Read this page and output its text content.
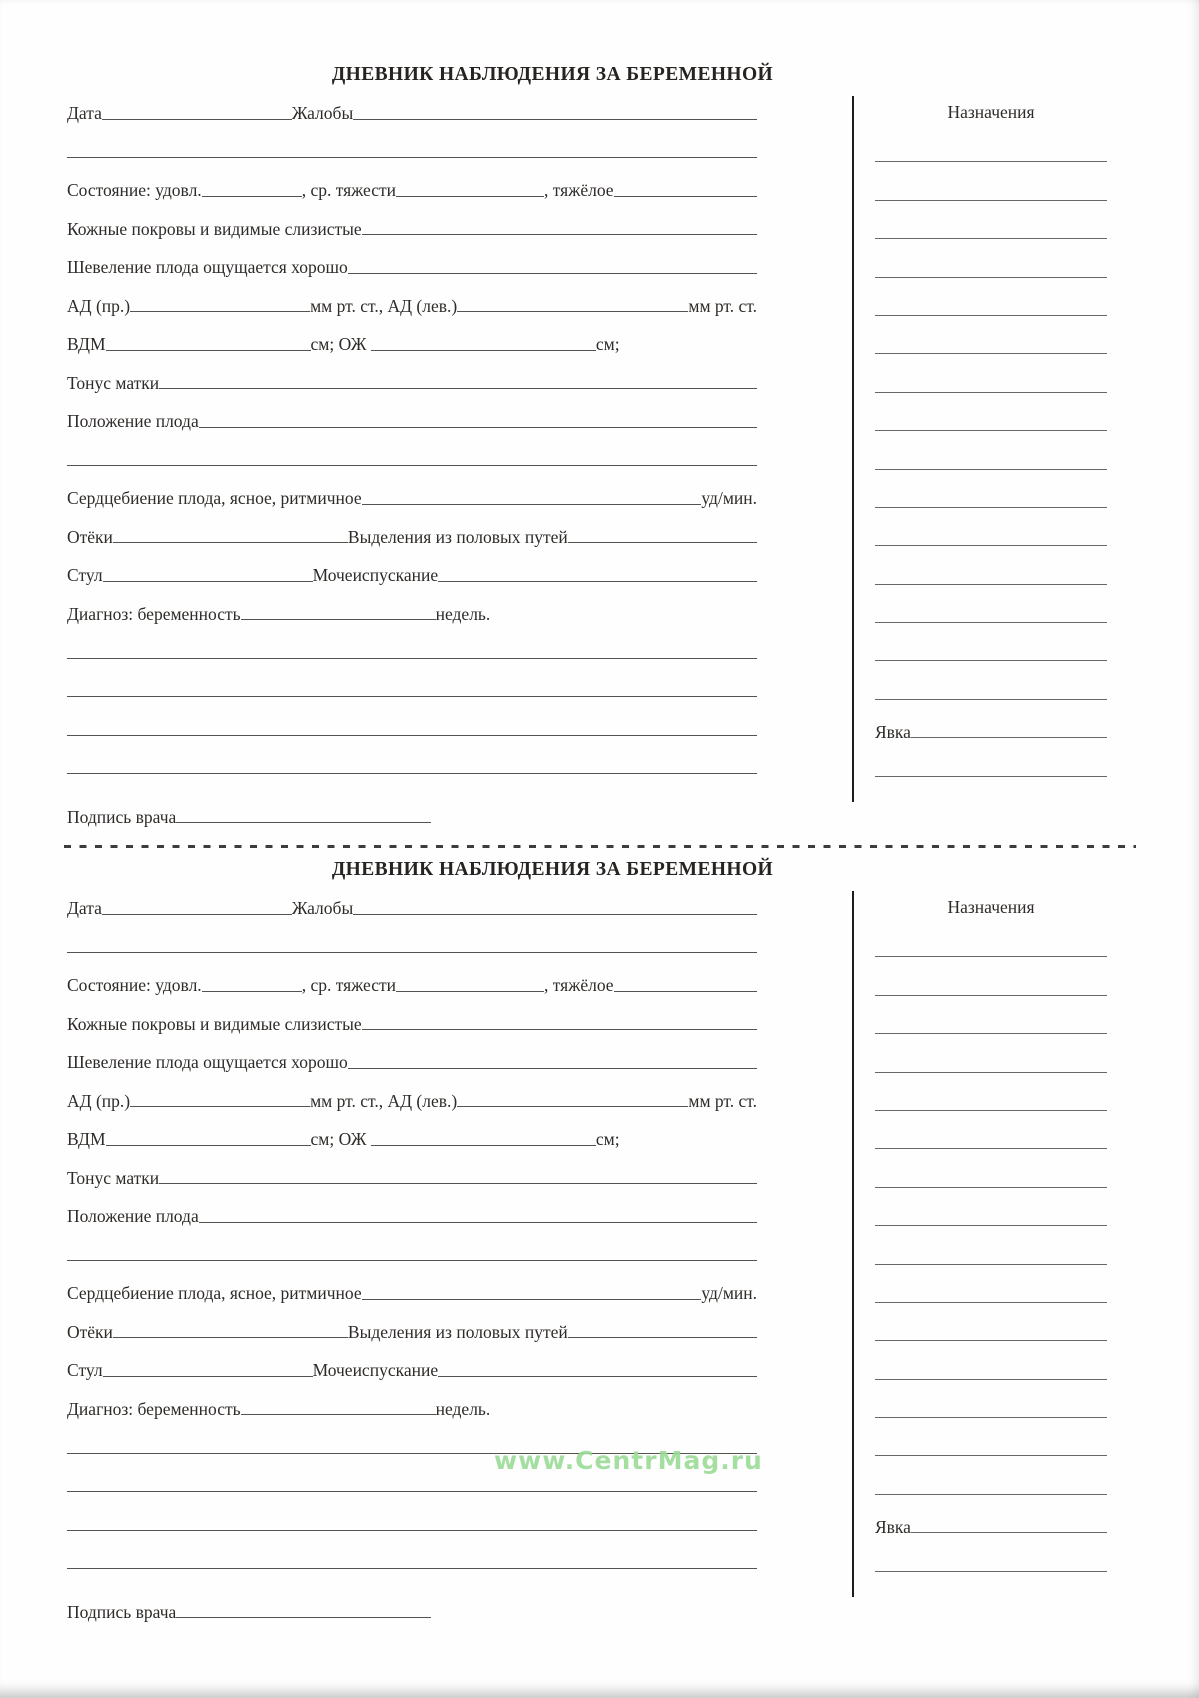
ДНЕВНИК НАБЛЮДЕНИЯ ЗА БЕРЕМЕННОЙ
Дата	Жалобы
Состояние: удовл.	, ср. тяжести	, тяжёлое
Кожные покровы и видимые слизистые
Шевеление плода ощущается хорошо
АД (пр.)	мм рт. ст., АД (лев.)	мм рт. ст.
ВДМ	см; ОЖ	см;
Тонус матки
Положение плода
Сердцебиение плода, ясное, ритмичное	уд/мин.
Отёки	Выделения из половых путей
Стул	Мочеиспускание
Диагноз: беременность	недель.
Подпись врача
Назначения
Явка
ДНЕВНИК НАБЛЮДЕНИЯ ЗА БЕРЕМЕННОЙ
Дата	Жалобы
Состояние: удовл.	, ср. тяжести	, тяжёлое
Кожные покровы и видимые слизистые
Шевеление плода ощущается хорошо
АД (пр.)	мм рт. ст., АД (лев.)	мм рт. ст.
ВДМ	см; ОЖ	см;
Тонус матки
Положение плода
Сердцебиение плода, ясное, ритмичное	уд/мин.
Отёки	Выделения из половых путей
Стул	Мочеиспускание
Диагноз: беременность	недель.
Подпись врача
Назначения
Явка
www.CentrMag.ru
